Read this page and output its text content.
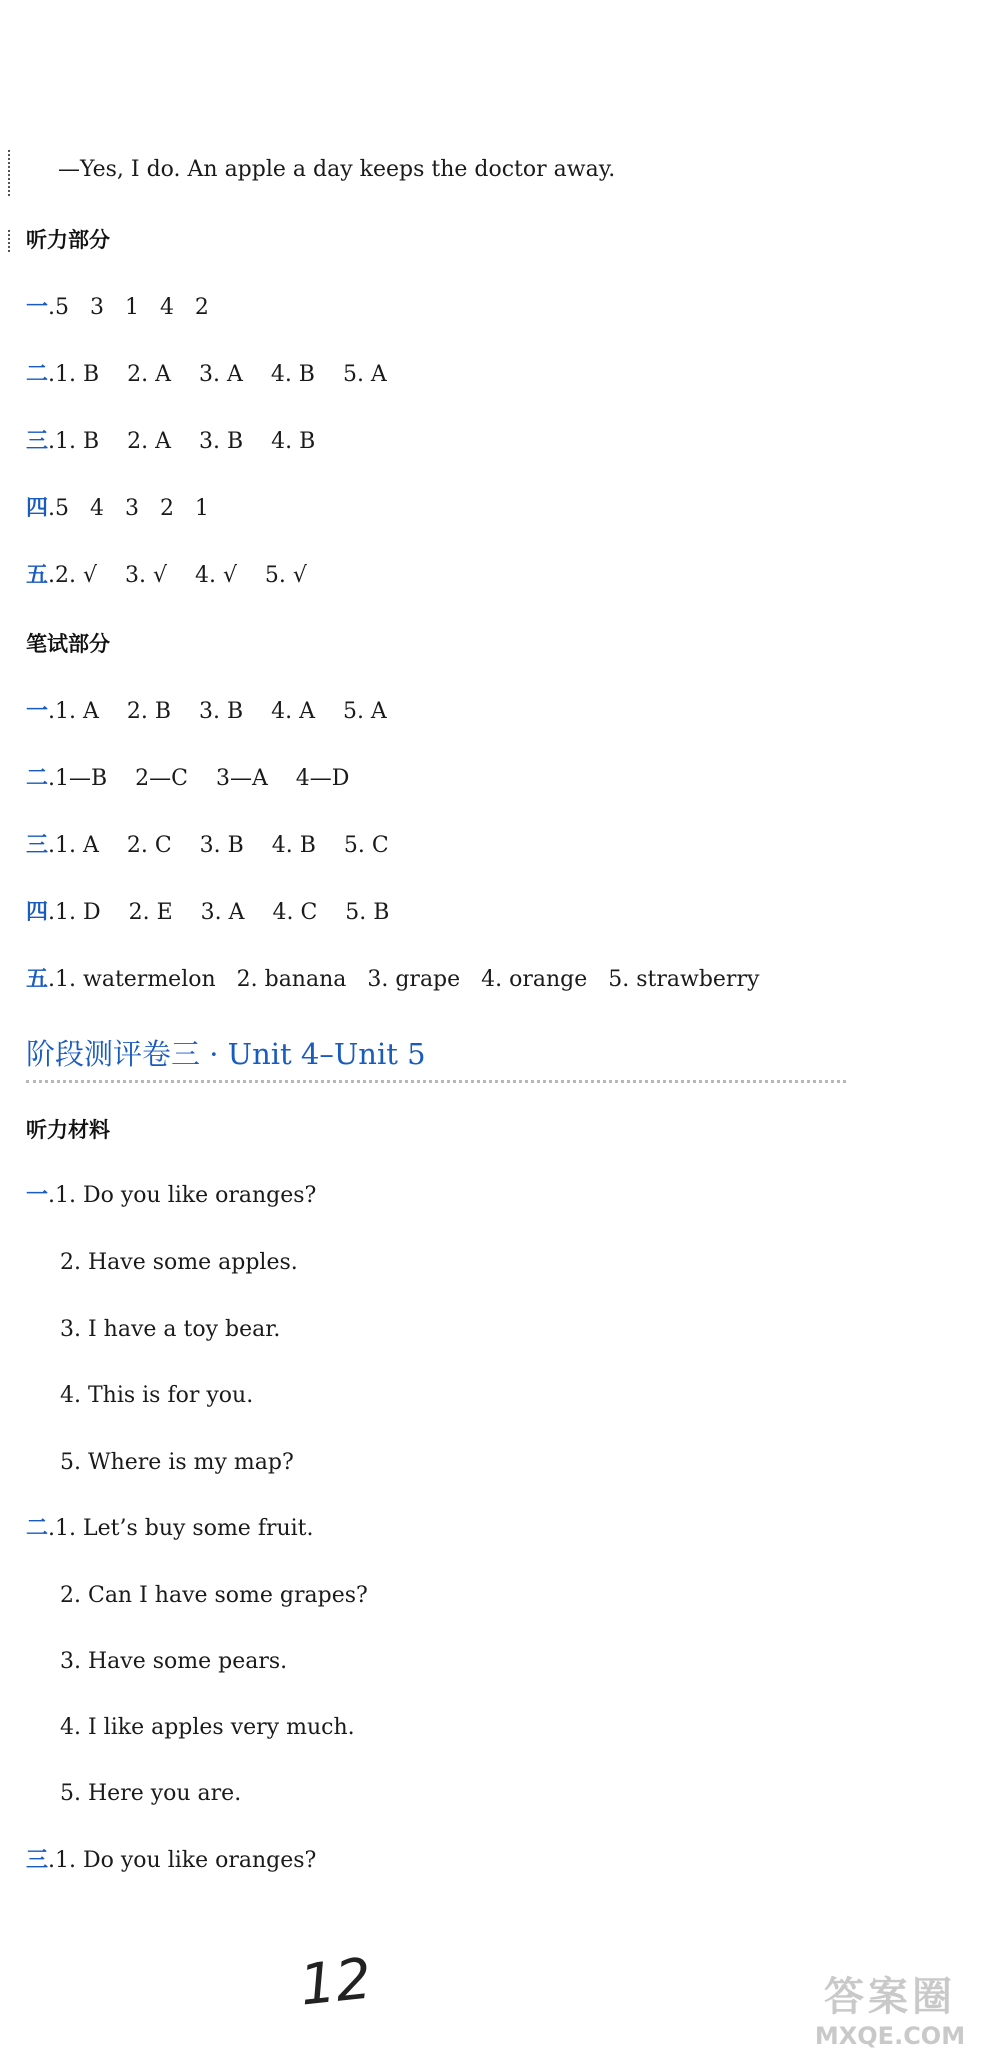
—Yes, I do. An apple a day keeps the doctor away.
听力部分
一.5   3   1   4   2
二.1. B    2. A    3. A    4. B    5. A
三.1. B    2. A    3. B    4. B
四.5   4   3   2   1
五.2. √    3. √    4. √    5. √
笔试部分
一.1. A    2. B    3. B    4. A    5. A
二.1—B    2—C    3—A    4—D
三.1. A    2. C    3. B    4. B    5. C
四.1. D    2. E    3. A    4. C    5. B
五.1. watermelon   2. banana   3. grape   4. orange   5. strawberry
阶段测评卷三 · Unit 4–Unit 5
听力材料
一.1. Do you like oranges?
2. Have some apples.
3. I have a toy bear.
4. This is for you.
5. Where is my map?
二.1. Let’s buy some fruit.
2. Can I have some grapes?
3. Have some pears.
4. I like apples very much.
5. Here you are.
三.1. Do you like oranges?
12	答案圈
MXQE.COM
